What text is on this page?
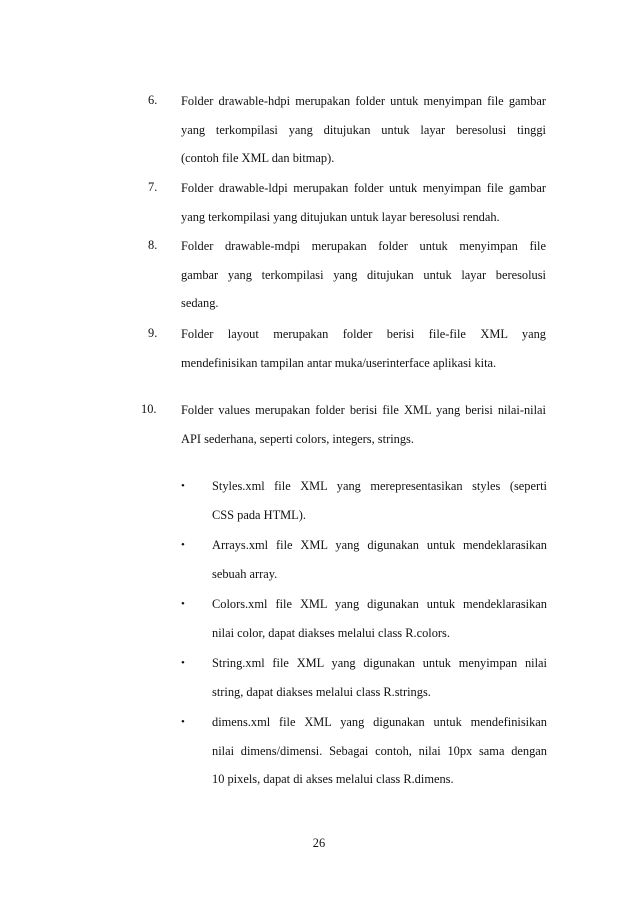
6.	Folder drawable-hdpi merupakan folder untuk menyimpan file gambar
yang terkompilasi yang ditujukan untuk layar beresolusi tinggi
(contoh file XML dan bitmap).
7.	Folder drawable-ldpi merupakan folder untuk menyimpan file gambar
yang terkompilasi yang ditujukan untuk layar beresolusi rendah.
8.	Folder drawable-mdpi merupakan folder untuk menyimpan file
gambar yang terkompilasi yang ditujukan untuk layar beresolusi
sedang.
9.	Folder layout merupakan folder berisi file-file XML yang
mendefinisikan tampilan antar muka/userinterface aplikasi kita.
10.	Folder values merupakan folder berisi file XML yang berisi nilai-nilai
API sederhana, seperti colors, integers, strings.
•	Styles.xml file XML yang merepresentasikan styles (seperti
CSS pada HTML).
•	Arrays.xml file XML yang digunakan untuk mendeklarasikan
sebuah array.
•	Colors.xml file XML yang digunakan untuk mendeklarasikan
nilai color, dapat diakses melalui class R.colors.
•	String.xml file XML yang digunakan untuk menyimpan nilai
string, dapat diakses melalui class R.strings.
•	dimens.xml file XML yang digunakan untuk mendefinisikan
nilai dimens/dimensi. Sebagai contoh, nilai 10px sama dengan
10 pixels, dapat di akses melalui class R.dimens.
26
